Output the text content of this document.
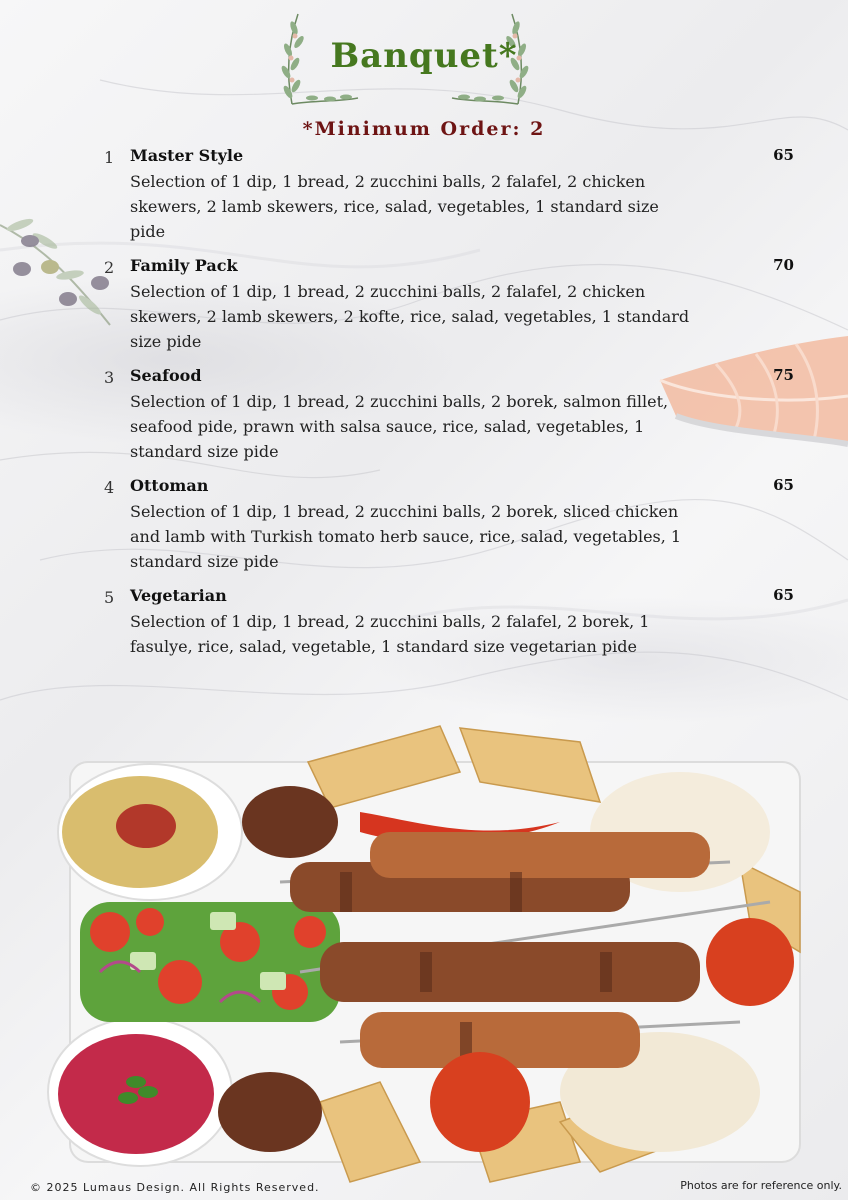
Banquet*
*Minimum Order: 2
1 Master Style	65
Selection of 1 dip, 1 bread, 2 zucchini balls, 2 falafel, 2 chicken skewers, 2 lamb skewers, rice, salad, vegetables, 1 standard size pide
2 Family Pack	70
Selection of 1 dip, 1 bread, 2 zucchini balls, 2 falafel, 2 chicken skewers, 2 lamb skewers, 2 kofte, rice, salad, vegetables, 1 standard size pide
3 Seafood	75
Selection of 1 dip, 1 bread, 2 zucchini balls, 2 borek, salmon fillet, seafood pide, prawn with salsa sauce, rice, salad, vegetables, 1 standard size pide
4 Ottoman	65
Selection of 1 dip, 1 bread, 2 zucchini balls, 2 borek, sliced chicken and lamb with Turkish tomato herb sauce, rice, salad, vegetables, 1 standard size pide
5 Vegetarian	65
Selection of 1 dip, 1 bread, 2 zucchini balls, 2 falafel, 2 borek, 1 fasulye, rice, salad, vegetable, 1 standard size vegetarian pide
© 2025 Lumaus Design. All Rights Reserved.	Photos are for reference only.
